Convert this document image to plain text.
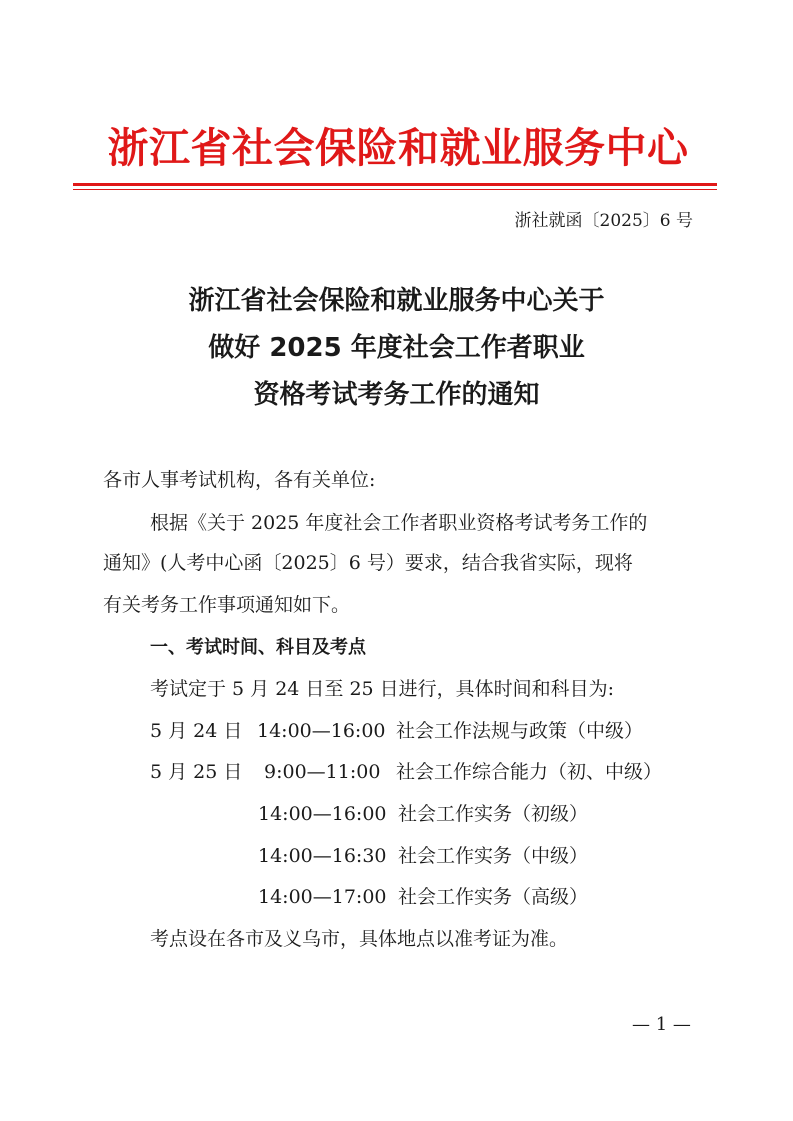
浙江省社会保险和就业服务中心
浙社就函〔2025〕6 号
浙江省社会保险和就业服务中心关于
做好 2025 年度社会工作者职业
资格考试考务工作的通知
各市人事考试机构，各有关单位:
根据《关于 2025 年度社会工作者职业资格考试考务工作的
通知》(人考中心函〔2025〕6 号）要求，结合我省实际，现将
有关考务工作事项通知如下。
一、考试时间、科目及考点
考试定于 5 月 24 日至 25 日进行，具体时间和科目为:
5 月 24 日 14:00—16:00 社会工作法规与政策（中级）
5 月 25 日 9:00—11:00 社会工作综合能力（初、中级）
14:00—16:00 社会工作实务（初级）
14:00—16:30 社会工作实务（中级）
14:00—17:00 社会工作实务（高级）
考点设在各市及义乌市，具体地点以准考证为准。
— 1 —
